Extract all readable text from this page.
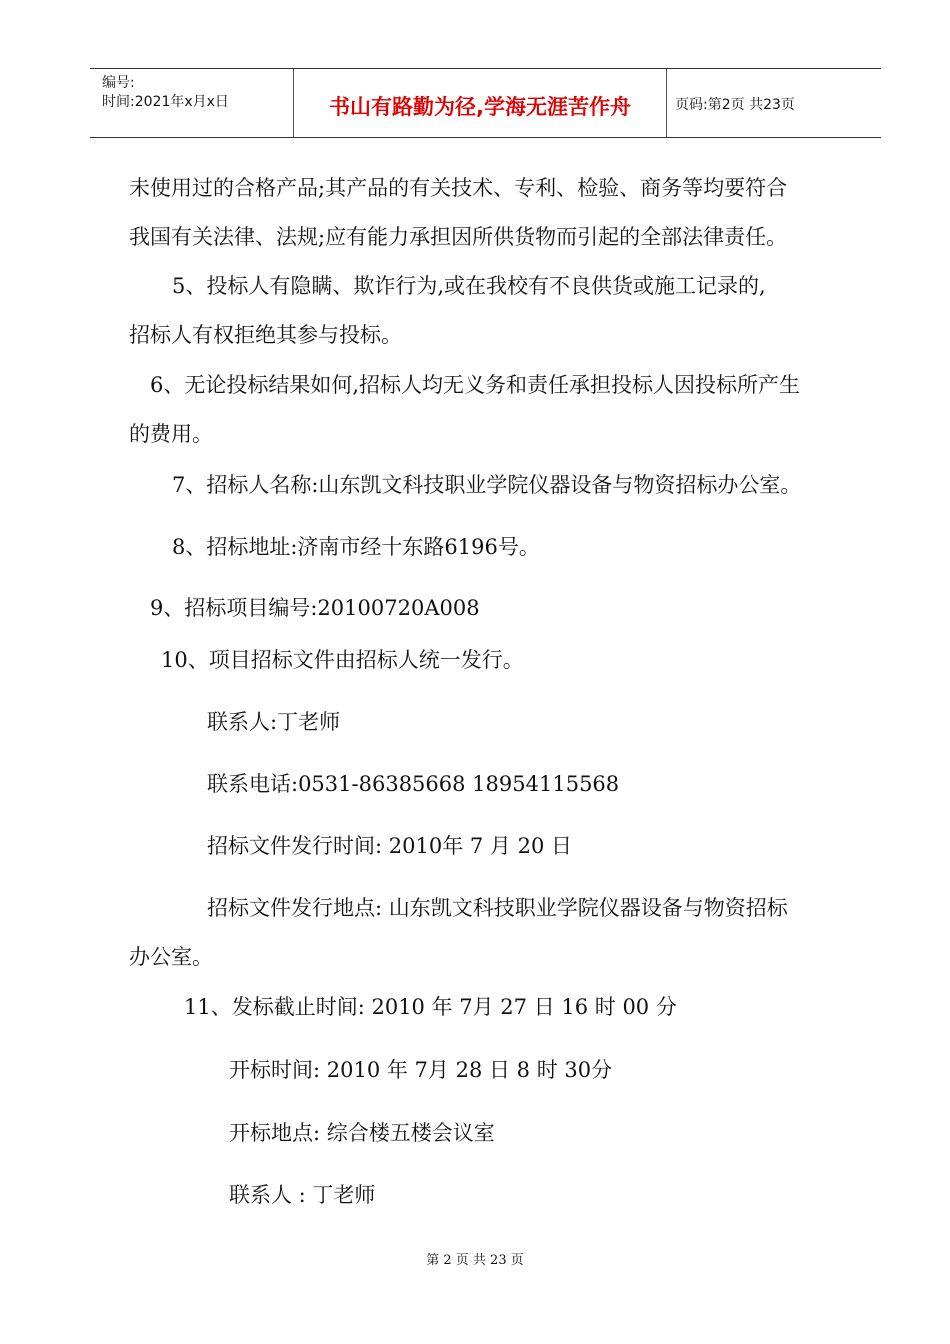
编号:
时间:2021年x月x日	书山有路勤为径,学海无涯苦作舟	页码:第2页 共23页
未使用过的合格产品;其产品的有关技术、专利、检验、商务等均要符合
我国有关法律、法规;应有能力承担因所供货物而引起的全部法律责任。
5、投标人有隐瞒、欺诈行为,或在我校有不良供货或施工记录的,
招标人有权拒绝其参与投标。
6、无论投标结果如何,招标人均无义务和责任承担投标人因投标所产生
的费用。
7、招标人名称:山东凯文科技职业学院仪器设备与物资招标办公室。
8、招标地址:济南市经十东路6196号。
9、招标项目编号:20100720A008
10、项目招标文件由招标人统一发行。
联系人:丁老师
联系电话:0531-86385668 18954115568
招标文件发行时间: 2010年 7 月 20 日
招标文件发行地点: 山东凯文科技职业学院仪器设备与物资招标
办公室。
11、发标截止时间: 2010 年 7月 27 日 16 时 00 分
开标时间: 2010 年 7月 28 日 8 时 30分
开标地点: 综合楼五楼会议室
联系人 : 丁老师
第 2 页 共 23 页
